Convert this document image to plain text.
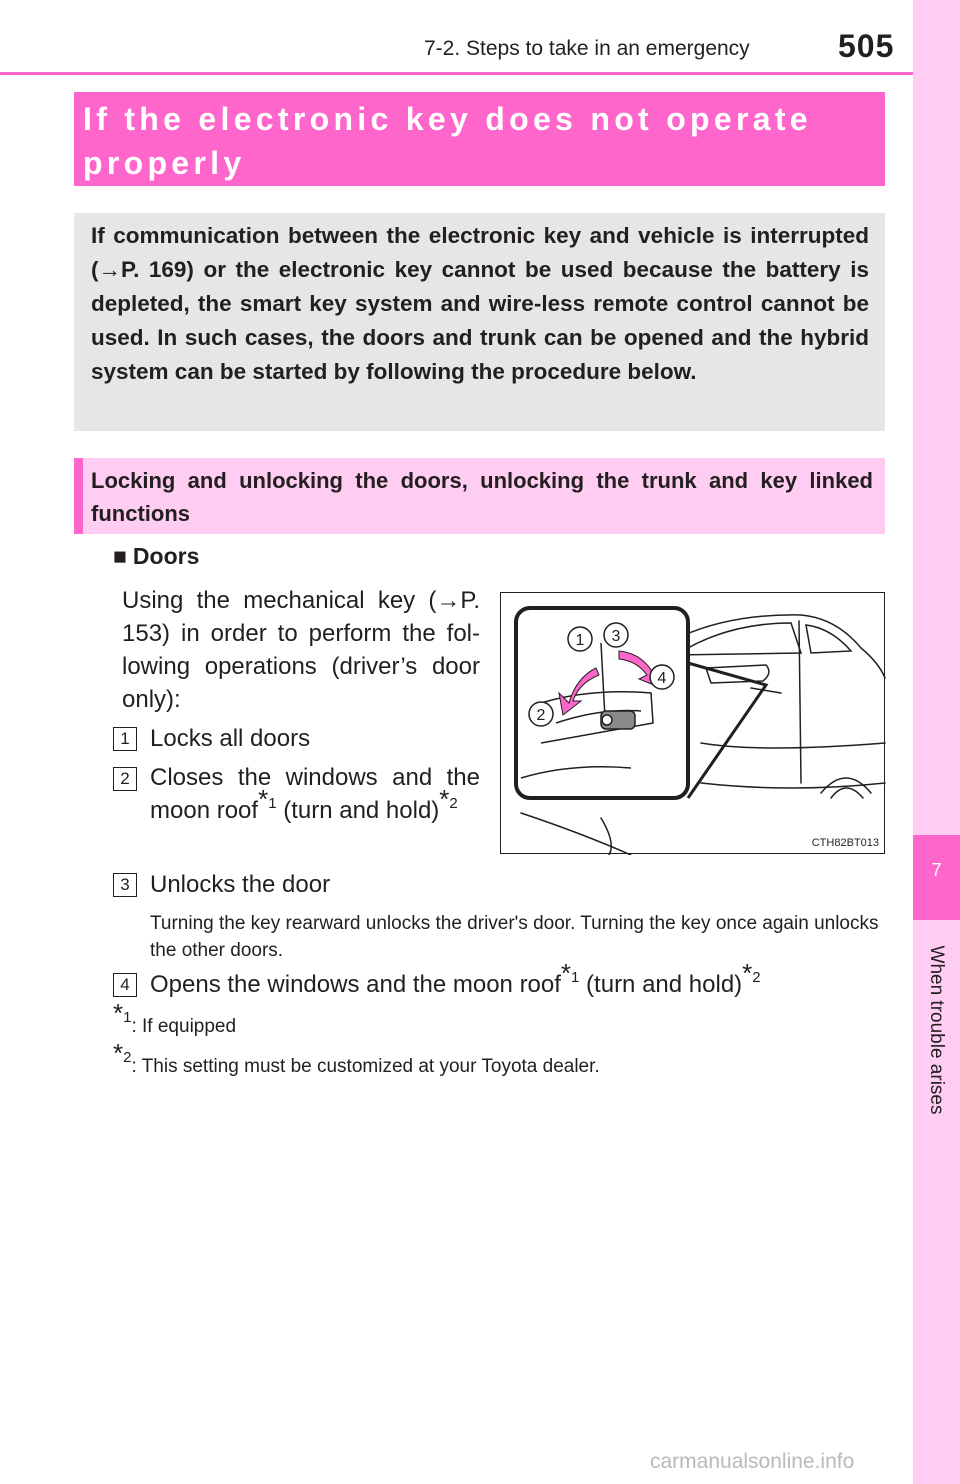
7-2. Steps to take in an emergency	505
7
When trouble arises
If the electronic key does not operate properly
If communication between the electronic key and vehicle is interrupted (→P. 169) or the electronic key cannot be used because the battery is depleted, the smart key system and wire-less remote control cannot be used. In such cases, the doors and trunk can be opened and the hybrid system can be started by following the procedure below.
Locking and unlocking the doors, unlocking the trunk and key linked functions
■ Doors
Using the mechanical key (→P. 153) in order to perform the fol-lowing operations (driver’s door only):
1 Locks all doors
2 Closes the windows and the moon roof$^{*1}$ (turn and hold)$^{*2}$
3 Unlocks the door
Turning the key rearward unlocks the driver's door. Turning the key once again unlocks the other doors.
4 Opens the windows and the moon roof$^{*1}$ (turn and hold)$^{*2}$
$^{*1}$: If equipped
$^{*2}$: This setting must be customized at your Toyota dealer.
1
2
3
4
CTH82BT013
carmanualsonline.info
